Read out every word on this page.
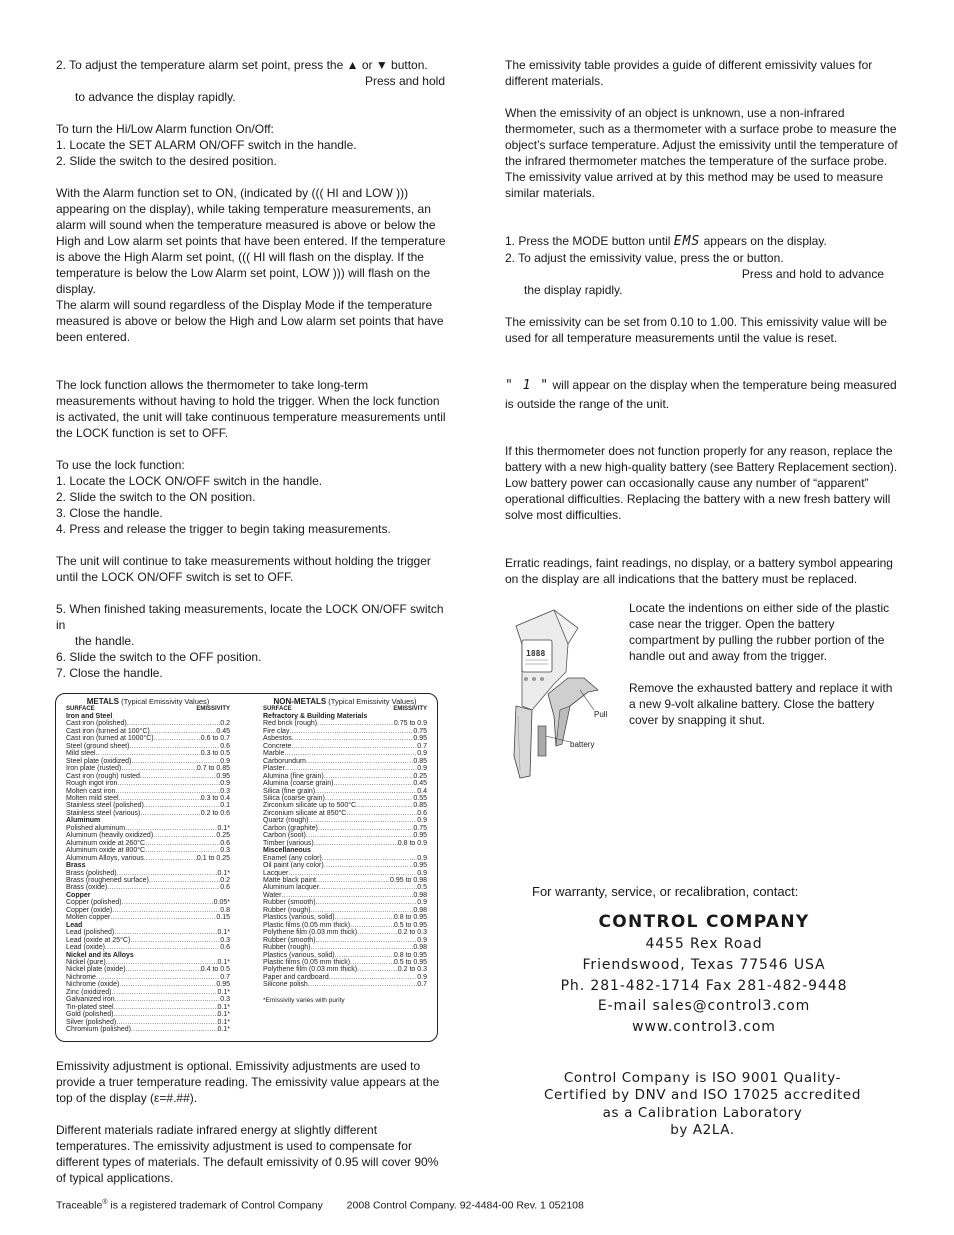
2. To adjust the temperature alarm set point, press the ▲ or ▼ button.

Press and hold

to advance the display rapidly.

To turn the Hi/Low Alarm function On/Off:

1. Locate the SET ALARM ON/OFF switch in the handle.

2. Slide the switch to the desired position.

With the Alarm function set to ON, (indicated by ((( HI and LOW ))) appearing on the display), while taking temperature measurements, an alarm will sound when the temperature measured is above or below the High and Low alarm set points that have been entered. If the temperature is above the High Alarm set point, ((( HI will flash on the display. If the temperature is below the Low Alarm set point, LOW ))) will flash on the display.

The alarm will sound regardless of the Display Mode if the temperature measured is above or below the High and Low alarm set points that have been entered.

The lock function allows the thermometer to take long-term measurements without having to hold the trigger. When the lock function is activated, the unit will take continuous temperature measurements until the LOCK function is set to OFF.

To use the lock function:

1. Locate the LOCK ON/OFF switch in the handle.

2. Slide the switch to the ON position.

3. Close the handle.

4. Press and release the trigger to begin taking measurements.

The unit will continue to take measurements without holding the trigger until the LOCK ON/OFF switch is set to OFF.

5. When finished taking measurements, locate the LOCK ON/OFF switch in

the handle.

6. Slide the switch to the OFF position.

7. Close the handle.

METALS (Typical Emissivity Values)
SURFACE	EMISSIVITY
Iron and Steel
Cast iron (polished) .....	0.2
Cast iron (turned at 100°C) .....	0.45
Cast iron (turned at 1000°C) .....	0.6 to 0.7
Steel (ground sheet) .....	0.6
Mild steel .....	0.3 to 0.5
Steel plate (oxidized) .....	0.9
Iron plate (rusted) .....	0.7 to 0.85
Cast iron (rough) rusted .....	0.95
Rough ingot iron .....	0.9
Molten cast iron .....	0.3
Molten mild steel .....	0.3 to 0.4
Stainless steel (polished) .....	0.1
Stainless steel (various) .....	0.2 to 0.6
Aluminum
Polished aluminum .....	0.1*
Aluminum (heavily oxidized) .....	0.25
Aluminum oxide at 260°C .....	0.6
Aluminum oxide at 800°C .....	0.3
Aluminum Alloys, various .....	0.1 to 0.25
Brass
Brass (polished) .....	0.1*
Brass (roughened surface) .....	0.2
Brass (oxide) .....	0.6
Copper
Copper (polished) .....	0.05*
Copper (oxide) .....	0.8
Molten copper .....	0.15
Lead
Lead (polished) .....	0.1*
Lead (oxide at 25°C) .....	0.3
Lead (oxide) .....	0.6
Nickel and its Alloys
Nickel (pure) .....	0.1*
Nickel plate (oxide) .....	0.4 to 0.5
Nichrome .....	0.7
Nichrome (oxide) .....	0.95
Zinc (oxidized) .....	0.1*
Galvanized iron .....	0.3
Tin-plated steel .....	0.1*
Gold (polished) .....	0.1*
Silver (polished) .....	0.1*
Chromium (polished) .....	0.1*
NON-METALS (Typical Emissivity Values)
SURFACE	EMISSIVITY
Refractory & Building Materials
Red brick (rough) .....	0.75 to 0.9
Fire clay .....	0.75
Asbestos .....	0.95
Concrete .....	0.7
Marble .....	0.9
Carborundum .....	0.85
Plaster .....	0.9
Alumina (fine grain) .....	0.25
Alumina (coarse grain) .....	0.45
Silica (fine grain) .....	0.4
Silica (coarse grain) .....	0.55
Zirconium silicate up to 500°C .....	0.85
Zirconium silicate at 850°C .....	0.6
Quartz (rough) .....	0.9
Carbon (graphite) .....	0.75
Carbon (soot) .....	0.95
Timber (various) .....	0.8 to 0.9
Miscellaneous
Enamel (any color) .....	0.9
Oil paint (any color) .....	0.95
Lacquer .....	0.9
Matte black paint .....	0.95 to 0.98
Aluminum lacquer .....	0.5
Water .....	0.98
Rubber (smooth) .....	0.9
Rubber (rough) .....	0.98
Plastics (various, solid) .....	0.8 to 0.95
Plastic films (0.05 mm thick) .....	0.5 to 0.95
Polythene film (0.03 mm thick) .....	0.2 to 0.3
Rubber (smooth) .....	0.9
Rubber (rough) .....	0.98
Plastics (various, solid) .....	0.8 to 0.95
Plastic films (0.05 mm thick) .....	0.5 to 0.95
Polythene film (0.03 mm thick) .....	0.2 to 0.3
Paper and cardboard .....	0.9
Silicone polish .....	0.7
*Emissivity varies with purity

Emissivity adjustment is optional. Emissivity adjustments are used to provide a truer temperature reading. The emissivity value appears at the top of the display (ε=#.##).

Different materials radiate infrared energy at slightly different temperatures. The emissivity adjustment is used to compensate for different types of materials. The default emissivity of 0.95 will cover 90% of typical applications.

The emissivity table provides a guide of different emissivity values for different materials.

When the emissivity of an object is unknown, use a non-infrared thermometer, such as a thermometer with a surface probe to measure the object’s surface temperature. Adjust the emissivity until the temperature of the infrared thermometer matches the temperature of the surface probe. The emissivity value arrived at by this method may be used to measure similar materials.

1. Press the MODE button until EMS appears on the display.

2. To adjust the emissivity value, press the or button.

Press and hold to advance

the display rapidly.

The emissivity can be set from 0.10 to 1.00. This emissivity value will be used for all temperature measurements until the value is reset.

" 1 " will appear on the display when the temperature being measured is outside the range of the unit.

If this thermometer does not function properly for any reason, replace the battery with a new high-quality battery (see Battery Replacement section). Low battery power can occasionally cause any number of “apparent” operational difficulties. Replacing the battery with a new fresh battery will solve most difficulties.

Erratic readings, faint readings, no display, or a battery symbol appearing on the display are all indications that the battery must be replaced.

Locate the indentions on either side of the plastic case near the trigger. Open the battery compartment by pulling the rubber portion of the handle out and away from the trigger.

Remove the exhausted battery and replace it with a new 9-volt alkaline battery. Close the battery cover by snapping it shut.

1888
Pull
battery
For warranty, service, or recalibration, contact:
CONTROL COMPANY
4455 Rex Road
Friendswood, Texas 77546 USA
Ph. 281-482-1714 Fax 281-482-9448
E-mail sales@control3.com
www.control3.com
Control Company is ISO 9001 Quality-
Certified by DNV and ISO 17025 accredited
as a Calibration Laboratory
by A2LA.
Traceable® is a registered trademark of Control Company 2008 Control Company. 92-4484-00 Rev. 1 052108
